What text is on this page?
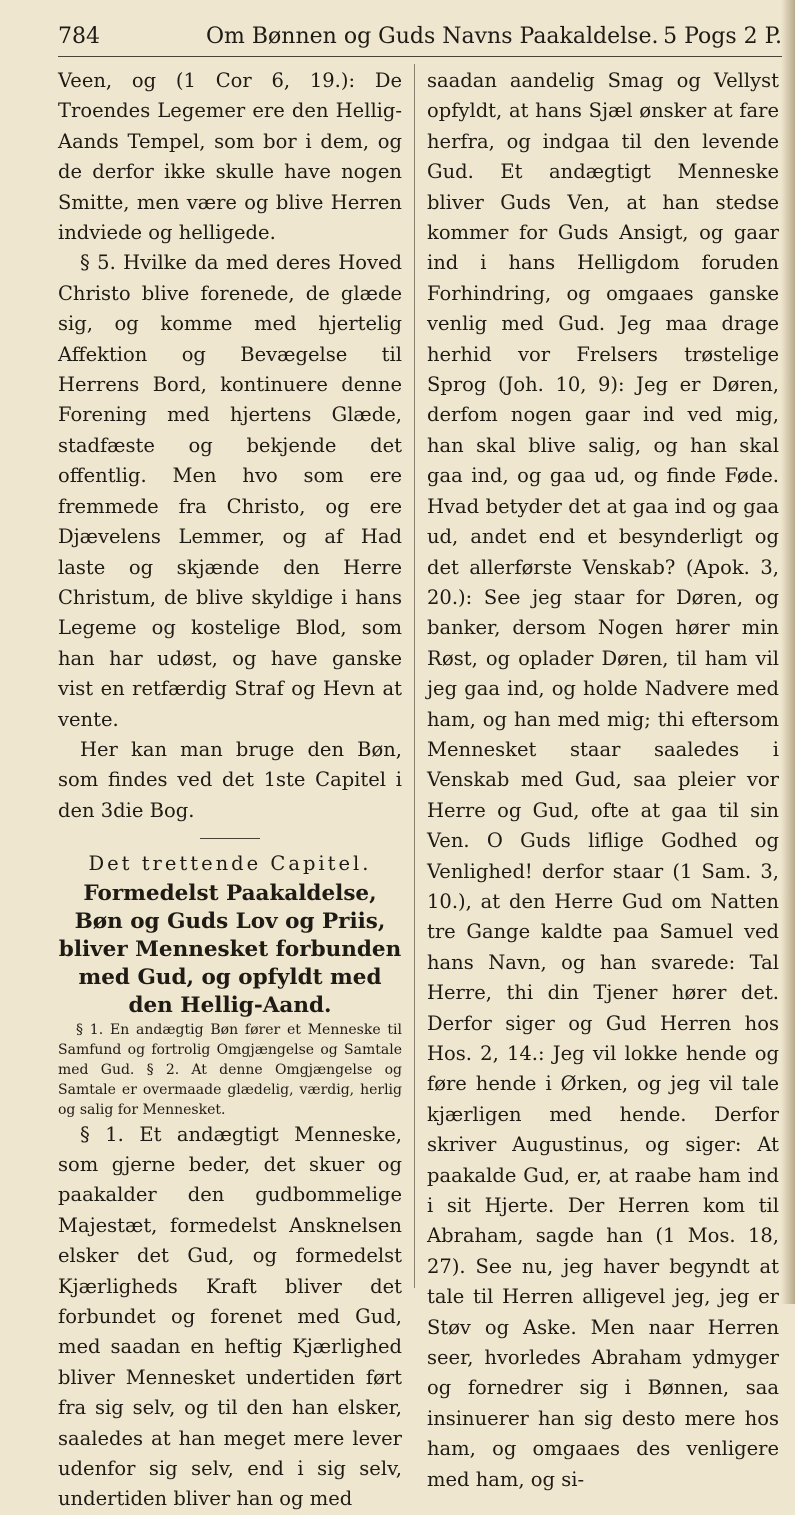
784	Om Bønnen og Guds Navns Paakaldelse. 5 Pogs 2 P.

Veen, og (1 Cor 6, 19.): De Troendes Legemer ere den Hellig-Aands Tempel, som bor i dem, og de derfor ikke skulle have nogen Smitte, men være og blive Herren indviede og helligede.

§ 5. Hvilke da med deres Hoved Christo blive forenede, de glæde sig, og komme med hjertelig Affektion og Bevægelse til Herrens Bord, kontinuere denne Forening med hjertens Glæde, stadfæste og bekjende det offentlig. Men hvo som ere fremmede fra Christo, og ere Djævelens Lemmer, og af Had laste og skjænde den Herre Christum, de blive skyldige i hans Legeme og kostelige Blod, som han har udøst, og have ganske vist en retfærdig Straf og Hevn at vente.

Her kan man bruge den Bøn, som findes ved det 1ste Capitel i den 3die Bog.

Det trettende Capitel.

Formedelst Paakaldelse, Bøn og Guds Lov og Priis, bliver Mennesket forbunden med Gud, og opfyldt med den Hellig-Aand.

§ 1. En andægtig Bøn fører et Menneske til Samfund og fortrolig Omgjængelse og Samtale med Gud. § 2. At denne Omgjængelse og Samtale er overmaade glædelig, værdig, herlig og salig for Mennesket.

§ 1. Et andægtigt Menneske, som gjerne beder, det skuer og paakalder den gudbommelige Majestæt, formedelst Ansknelsen elsker det Gud, og formedelst Kjærligheds Kraft bliver det forbundet og forenet med Gud, med saadan en heftig Kjærlighed bliver Mennesket undertiden ført fra sig selv, og til den han elsker, saaledes at han meget mere lever udenfor sig selv, end i sig selv, undertiden bliver han og med

saadan aandelig Smag og Vellyst opfyldt, at hans Sjæl ønsker at fare herfra, og indgaa til den levende Gud. Et andægtigt Menneske bliver Guds Ven, at han stedse kommer for Guds Ansigt, og gaar ind i hans Helligdom foruden Forhindring, og omgaaes ganske venlig med Gud. Jeg maa drage herhid vor Frelsers trøstelige Sprog (Joh. 10, 9): Jeg er Døren, derfom nogen gaar ind ved mig, han skal blive salig, og han skal gaa ind, og gaa ud, og finde Føde. Hvad betyder det at gaa ind og gaa ud, andet end et besynderligt og det allerførste Venskab? (Apok. 3, 20.): See jeg staar for Døren, og banker, dersom Nogen hører min Røst, og oplader Døren, til ham vil jeg gaa ind, og holde Nadvere med ham, og han med mig; thi eftersom Mennesket staar saaledes i Venskab med Gud, saa pleier vor Herre og Gud, ofte at gaa til sin Ven. O Guds liflige Godhed og Venlighed! derfor staar (1 Sam. 3, 10.), at den Herre Gud om Natten tre Gange kaldte paa Samuel ved hans Navn, og han svarede: Tal Herre, thi din Tjener hører det. Derfor siger og Gud Herren hos Hos. 2, 14.: Jeg vil lokke hende og føre hende i Ørken, og jeg vil tale kjærligen med hende. Derfor skriver Augustinus, og siger: At paakalde Gud, er, at raabe ham ind i sit Hjerte. Der Herren kom til Abraham, sagde han (1 Mos. 18, 27). See nu, jeg haver begyndt at tale til Herren alligevel jeg, jeg er Støv og Aske. Men naar Herren seer, hvorledes Abraham ydmyger og fornedrer sig i Bønnen, saa insinuerer han sig desto mere hos ham, og omgaaes des venligere med ham, og si-
